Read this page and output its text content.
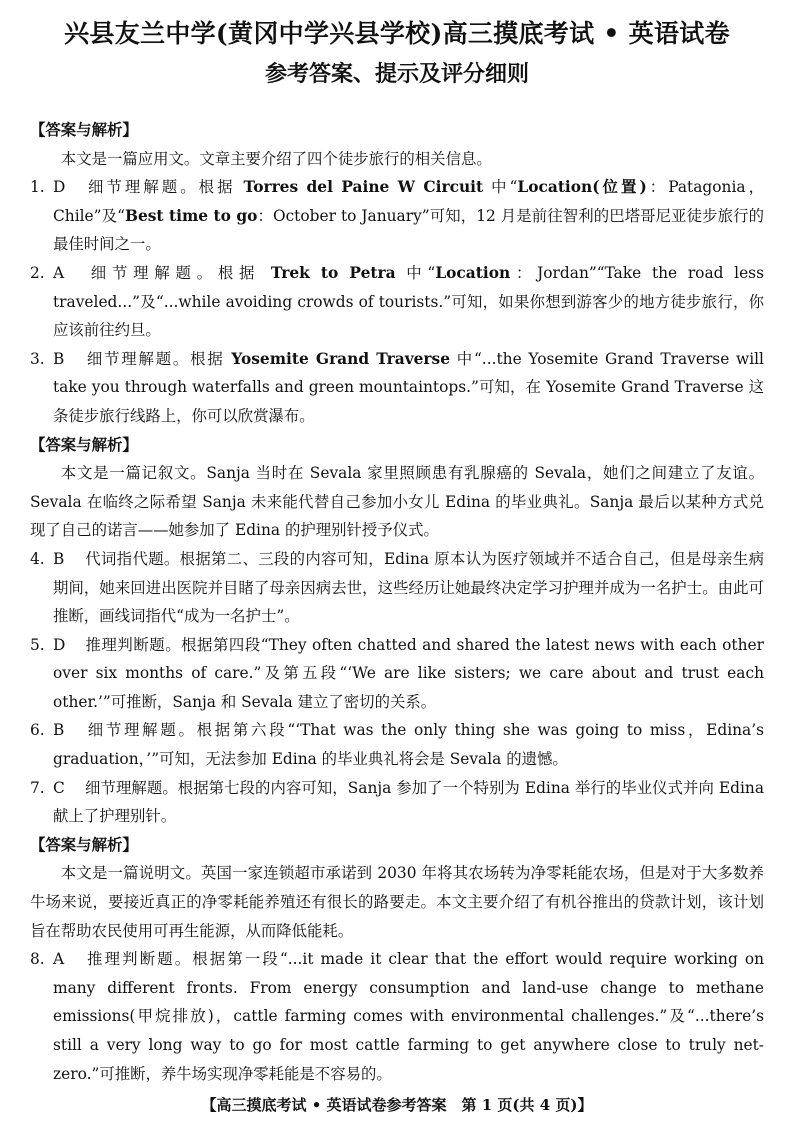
兴县友兰中学(黄冈中学兴县学校)高三摸底考试 • 英语试卷
参考答案、提示及评分细则

【答案与解析】

本文是一篇应用文。文章主要介绍了四个徒步旅行的相关信息。

1. D 细节理解题。根据 Torres del Paine W Circuit 中“Location(位置)：Patagonia，Chile”及“Best time to go：October to January”可知，12 月是前往智利的巴塔哥尼亚徒步旅行的最佳时间之一。

2. A 细节理解题。根据 Trek to Petra 中“Location：Jordan”“Take the road less traveled...”及“...while avoiding crowds of tourists.”可知，如果你想到游客少的地方徒步旅行，你应该前往约旦。

3. B 细节理解题。根据 Yosemite Grand Traverse 中“...the Yosemite Grand Traverse will take you through waterfalls and green mountaintops.”可知，在 Yosemite Grand Traverse 这条徒步旅行线路上，你可以欣赏瀑布。

【答案与解析】

本文是一篇记叙文。Sanja 当时在 Sevala 家里照顾患有乳腺癌的 Sevala，她们之间建立了友谊。Sevala 在临终之际希望 Sanja 未来能代替自己参加小女儿 Edina 的毕业典礼。Sanja 最后以某种方式兑现了自己的诺言——她参加了 Edina 的护理别针授予仪式。

4. B 代词指代题。根据第二、三段的内容可知，Edina 原本认为医疗领域并不适合自己，但是母亲生病期间，她来回进出医院并目睹了母亲因病去世，这些经历让她最终决定学习护理并成为一名护士。由此可推断，画线词指代“成为一名护士”。

5. D 推理判断题。根据第四段“They often chatted and shared the latest news with each other over six months of care.”及第五段“‘We are like sisters; we care about and trust each other.’”可推断，Sanja 和 Sevala 建立了密切的关系。

6. B 细节理解题。根据第六段“‘That was the only thing she was going to miss，Edina’s graduation，’”可知，无法参加 Edina 的毕业典礼将会是 Sevala 的遗憾。

7. C 细节理解题。根据第七段的内容可知，Sanja 参加了一个特别为 Edina 举行的毕业仪式并向 Edina 献上了护理别针。

【答案与解析】

本文是一篇说明文。英国一家连锁超市承诺到 2030 年将其农场转为净零耗能农场，但是对于大多数养牛场来说，要接近真正的净零耗能养殖还有很长的路要走。本文主要介绍了有机谷推出的贷款计划，该计划旨在帮助农民使用可再生能源，从而降低能耗。

8. A 推理判断题。根据第一段“...it made it clear that the effort would require working on many different fronts. From energy consumption and land-use change to methane emissions(甲烷排放)，cattle farming comes with environmental challenges.”及“...there’s still a very long way to go for most cattle farming to get anywhere close to truly net-zero.”可推断，养牛场实现净零耗能是不容易的。

【高三摸底考试 • 英语试卷参考答案　第 1 页(共 4 页)】
